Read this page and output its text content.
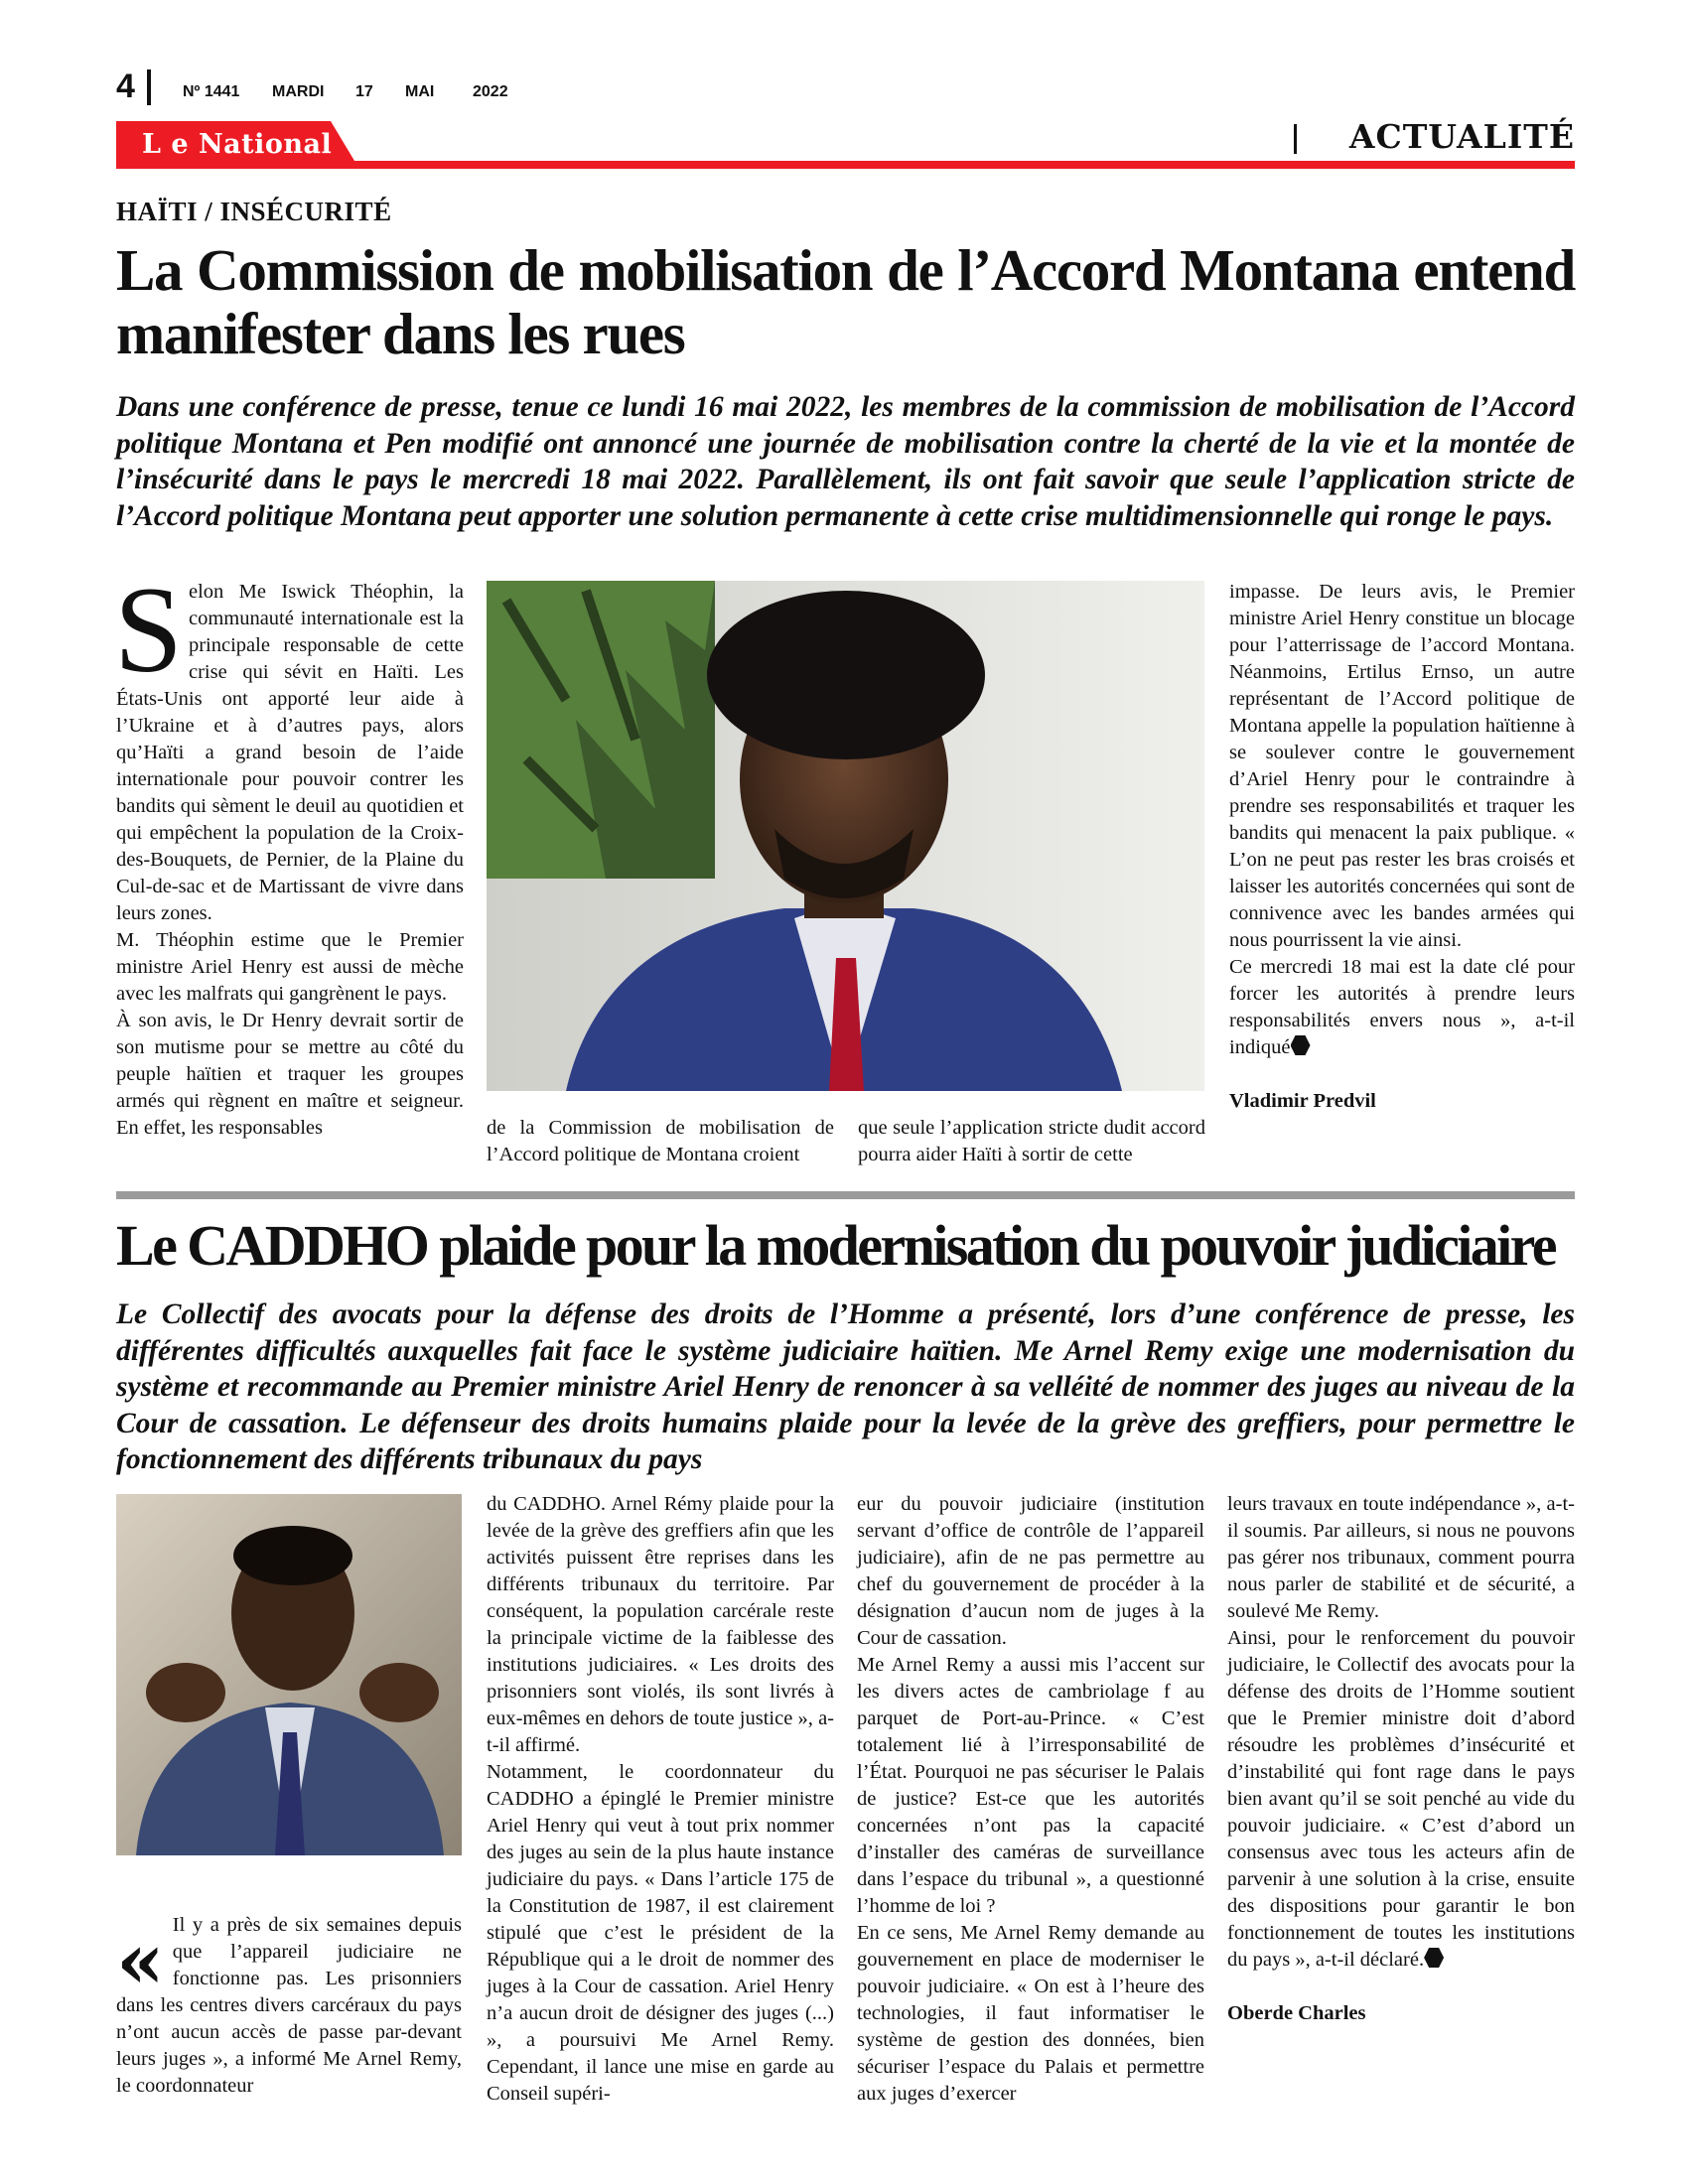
4	Nº 1441	MARDI	17	MAI	2022
L e National	ACTUALITÉ
HAÏTI / INSÉCURITÉ
La Commission de mobilisation de l’Accord Montana entend manifester dans les rues
Dans une conférence de presse, tenue ce lundi 16 mai 2022, les membres de la commission de mobilisation de l’Accord politique Montana et Pen modifié ont annoncé une journée de mobilisation contre la cherté de la vie et la montée de l’insécurité dans le pays le mercredi 18 mai 2022. Parallèlement, ils ont fait savoir que seule l’application stricte de l’Accord politique Montana peut apporter une solution permanente à cette crise multidimensionnelle qui ronge le pays.
S elon Me Iswick Théophin, la communauté internationale est la principale responsable de cette crise qui sévit en Haïti. Les États-Unis ont apporté leur aide à l’Ukraine et à d’autres pays, alors qu’Haïti a grand besoin de l’aide internationale pour pouvoir contrer les bandits qui sèment le deuil au quotidien et qui empêchent la population de la Croix-des-Bouquets, de Pernier, de la Plaine du Cul-de-sac et de Martissant de vivre dans leurs zones.

M. Théophin estime que le Premier ministre Ariel Henry est aussi de mèche avec les malfrats qui gangrènent le pays.

À son avis, le Dr Henry devrait sortir de son mutisme pour se mettre au côté du peuple haïtien et traquer les groupes armés qui règnent en maître et seigneur. En effet, les responsables	de la Commission de mobilisation de l’Accord politique de Montana croient

que seule l’application stricte dudit accord pourra aider Haïti à sortir de cette

impasse. De leurs avis, le Premier ministre Ariel Henry constitue un blocage pour l’atterrissage de l’accord Montana. Néanmoins, Ertilus Ernso, un autre représentant de l’Accord politique de Montana appelle la population haïtienne à se soulever contre le gouvernement d’Ariel Henry pour le contraindre à prendre ses responsabilités et traquer les bandits qui menacent la paix publique. « L’on ne peut pas rester les bras croisés et laisser les autorités concernées qui sont de connivence avec les bandes armées qui nous pourrissent la vie ainsi.

Ce mercredi 18 mai est la date clé pour forcer les autorités à prendre leurs responsabilités envers nous », a-t-il indiqué

Vladimir Predvil

Le CADDHO plaide pour la modernisation du pouvoir judiciaire
Le Collectif des avocats pour la défense des droits de l’Homme a présenté, lors d’une conférence de presse, les différentes difficultés auxquelles fait face le système judiciaire haïtien. Me Arnel Remy exige une modernisation du système et recommande au Premier ministre Ariel Henry de renoncer à sa velléité de nommer des juges au niveau de la Cour de cassation. Le défenseur des droits humains plaide pour la levée de la grève des greffiers, pour permettre le fonctionnement des différents tribunaux du pays
« Il y a près de six semaines depuis que l’appareil judiciaire ne fonctionne pas. Les prisonniers dans les centres divers carcéraux du pays n’ont aucun accès de passe par-devant leurs juges », a informé Me Arnel Remy, le coordonnateur

du CADDHO. Arnel Rémy plaide pour la levée de la grève des greffiers afin que les activités puissent être reprises dans les différents tribunaux du territoire. Par conséquent, la population carcérale reste la principale victime de la faiblesse des institutions judiciaires. « Les droits des prisonniers sont violés, ils sont livrés à eux-mêmes en dehors de toute justice », a-t-il affirmé.

Notamment, le coordonnateur du CADDHO a épinglé le Premier ministre Ariel Henry qui veut à tout prix nommer des juges au sein de la plus haute instance judiciaire du pays. « Dans l’article 175 de la Constitution de 1987, il est clairement stipulé que c’est le président de la République qui a le droit de nommer des juges à la Cour de cassation. Ariel Henry n’a aucun droit de désigner des juges (...) », a poursuivi Me Arnel Remy. Cependant, il lance une mise en garde au Conseil supéri-

eur du pouvoir judiciaire (institution servant d’office de contrôle de l’appareil judiciaire), afin de ne pas permettre au chef du gouvernement de procéder à la désignation d’aucun nom de juges à la Cour de cassation.

Me Arnel Remy a aussi mis l’accent sur les divers actes de cambriolage f au parquet de Port-au-Prince. « C’est totalement lié à l’irresponsabilité de l’État. Pourquoi ne pas sécuriser le Palais de justice? Est-ce que les autorités concernées n’ont pas la capacité d’installer des caméras de surveillance dans l’espace du tribunal », a questionné l’homme de loi ?

En ce sens, Me Arnel Remy demande au gouvernement en place de moderniser le pouvoir judiciaire. « On est à l’heure des technologies, il faut informatiser le système de gestion des données, bien sécuriser l’espace du Palais et permettre aux juges d’exercer

leurs travaux en toute indépendance », a-t-il soumis. Par ailleurs, si nous ne pouvons pas gérer nos tribunaux, comment pourra nous parler de stabilité et de sécurité, a soulevé Me Remy.

Ainsi, pour le renforcement du pouvoir judiciaire, le Collectif des avocats pour la défense des droits de l’Homme soutient que le Premier ministre doit d’abord résoudre les problèmes d’insécurité et d’instabilité qui font rage dans le pays bien avant qu’il se soit penché au vide du pouvoir judiciaire. « C’est d’abord un consensus avec tous les acteurs afin de parvenir à une solution à la crise, ensuite des dispositions pour garantir le bon fonctionnement de toutes les institutions du pays », a-t-il déclaré.

Oberde Charles
